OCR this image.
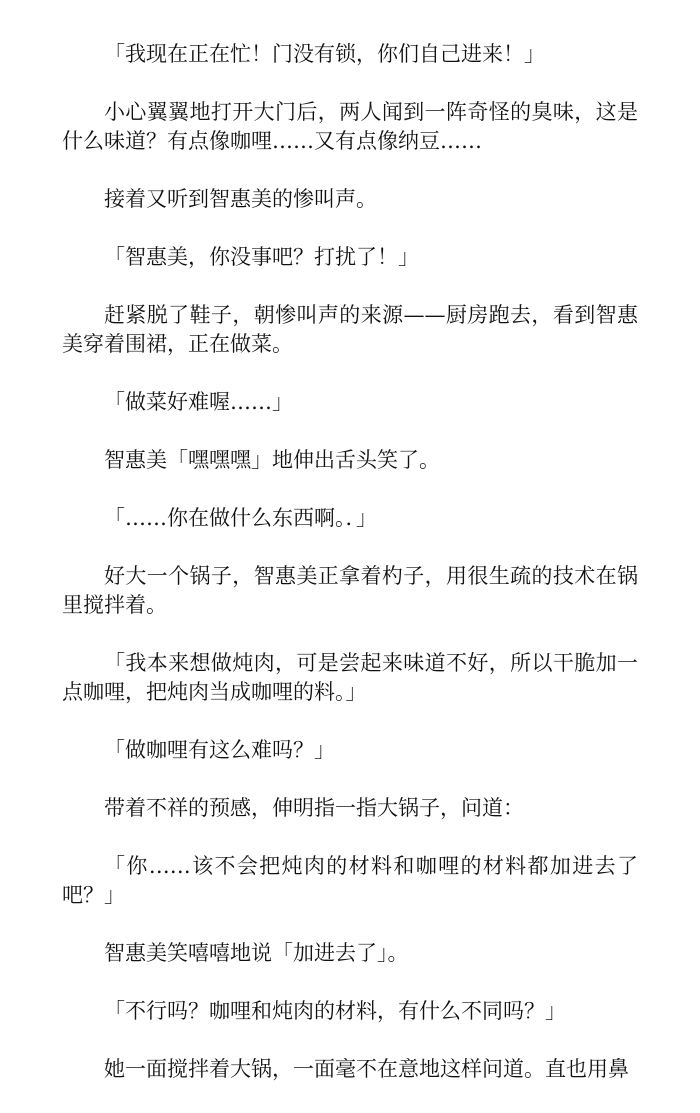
「我现在正在忙！门没有锁，你们自己进来！」

小心翼翼地打开大门后，两人闻到一阵奇怪的臭味，这是什么味道？有点像咖哩……又有点像纳豆……

接着又听到智惠美的惨叫声。

「智惠美，你没事吧？打扰了！」

赶紧脱了鞋子，朝惨叫声的来源——厨房跑去，看到智惠美穿着围裙，正在做菜。

「做菜好难喔……」

智惠美「嘿嘿嘿」地伸出舌头笑了。

「……你在做什么东西啊。．」

好大一个锅子，智惠美正拿着杓子，用很生疏的技术在锅里搅拌着。

「我本来想做炖肉，可是尝起来味道不好，所以干脆加一点咖哩，把炖肉当成咖哩的料。」

「做咖哩有这么难吗？」

带着不祥的预感，伸明指一指大锅子，问道：

「你……该不会把炖肉的材料和咖哩的材料都加进去了吧？」

智惠美笑嘻嘻地说「加进去了」。

「不行吗？咖哩和炖肉的材料，有什么不同吗？」

她一面搅拌着大锅，一面毫不在意地这样问道。直也用鼻
